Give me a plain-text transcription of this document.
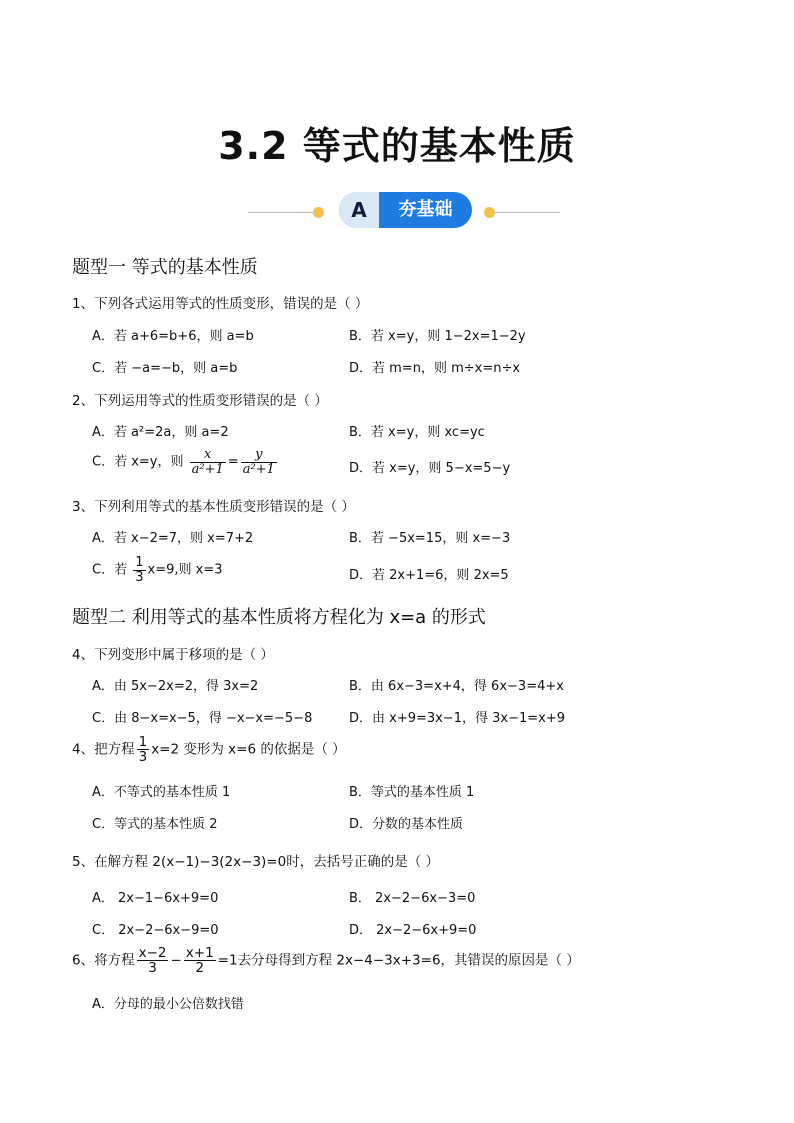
3.2 等式的基本性质
A	夯基础
题型一 等式的基本性质
1、下列各式运用等式的性质变形，错误的是（ ）
A．若 a+6=b+6，则 a=b	B．若 x=y，则 1−2x=1−2y
C．若 −a=−b，则 a=b	D．若 m=n，则 m÷x=n÷x
2、下列运用等式的性质变形错误的是（ ）
A．若 a²=2a，则 a=2	B．若 x=y，则 xc=yc
C．若 x=y，则 $\frac{x}{\text{a²+1}} = \frac{y}{\text{a²+1}}$	D．若 x=y，则 5−x=5−y
3、下列利用等式的基本性质变形错误的是（ ）
A．若 x−2=7，则 x=7+2	B．若 −5x=15，则 x=−3
C．若 $\frac{1}{3} x=9$,则 x=3	D．若 2x+1=6，则 2x=5
题型二 利用等式的基本性质将方程化为 x=a 的形式
4、下列变形中属于移项的是（ ）
A．由 5x−2x=2，得 3x=2	B．由 6x−3=x+4，得 6x−3=4+x
C．由 8−x=x−5，得 −x−x=−5−8	D．由 x+9=3x−1，得 3x−1=x+9
4、把方程 $\frac{1}{3} x=2$ 变形为 x=6 的依据是（ ）
A．不等式的基本性质 1	B．等式的基本性质 1
C．等式的基本性质 2	D．分数的基本性质
5、在解方程 2(x−1)−3(2x−3)=0时，去括号正确的是（ ）
A． 2x−1−6x+9=0	B． 2x−2−6x−3=0
C． 2x−2−6x−9=0	D． 2x−2−6x+9=0
6、将方程 $\frac{x-2}{3} - \frac{x+1}{2} =1$去分母得到方程 2x−4−3x+3=6，其错误的原因是（ ）
A．分母的最小公倍数找错
